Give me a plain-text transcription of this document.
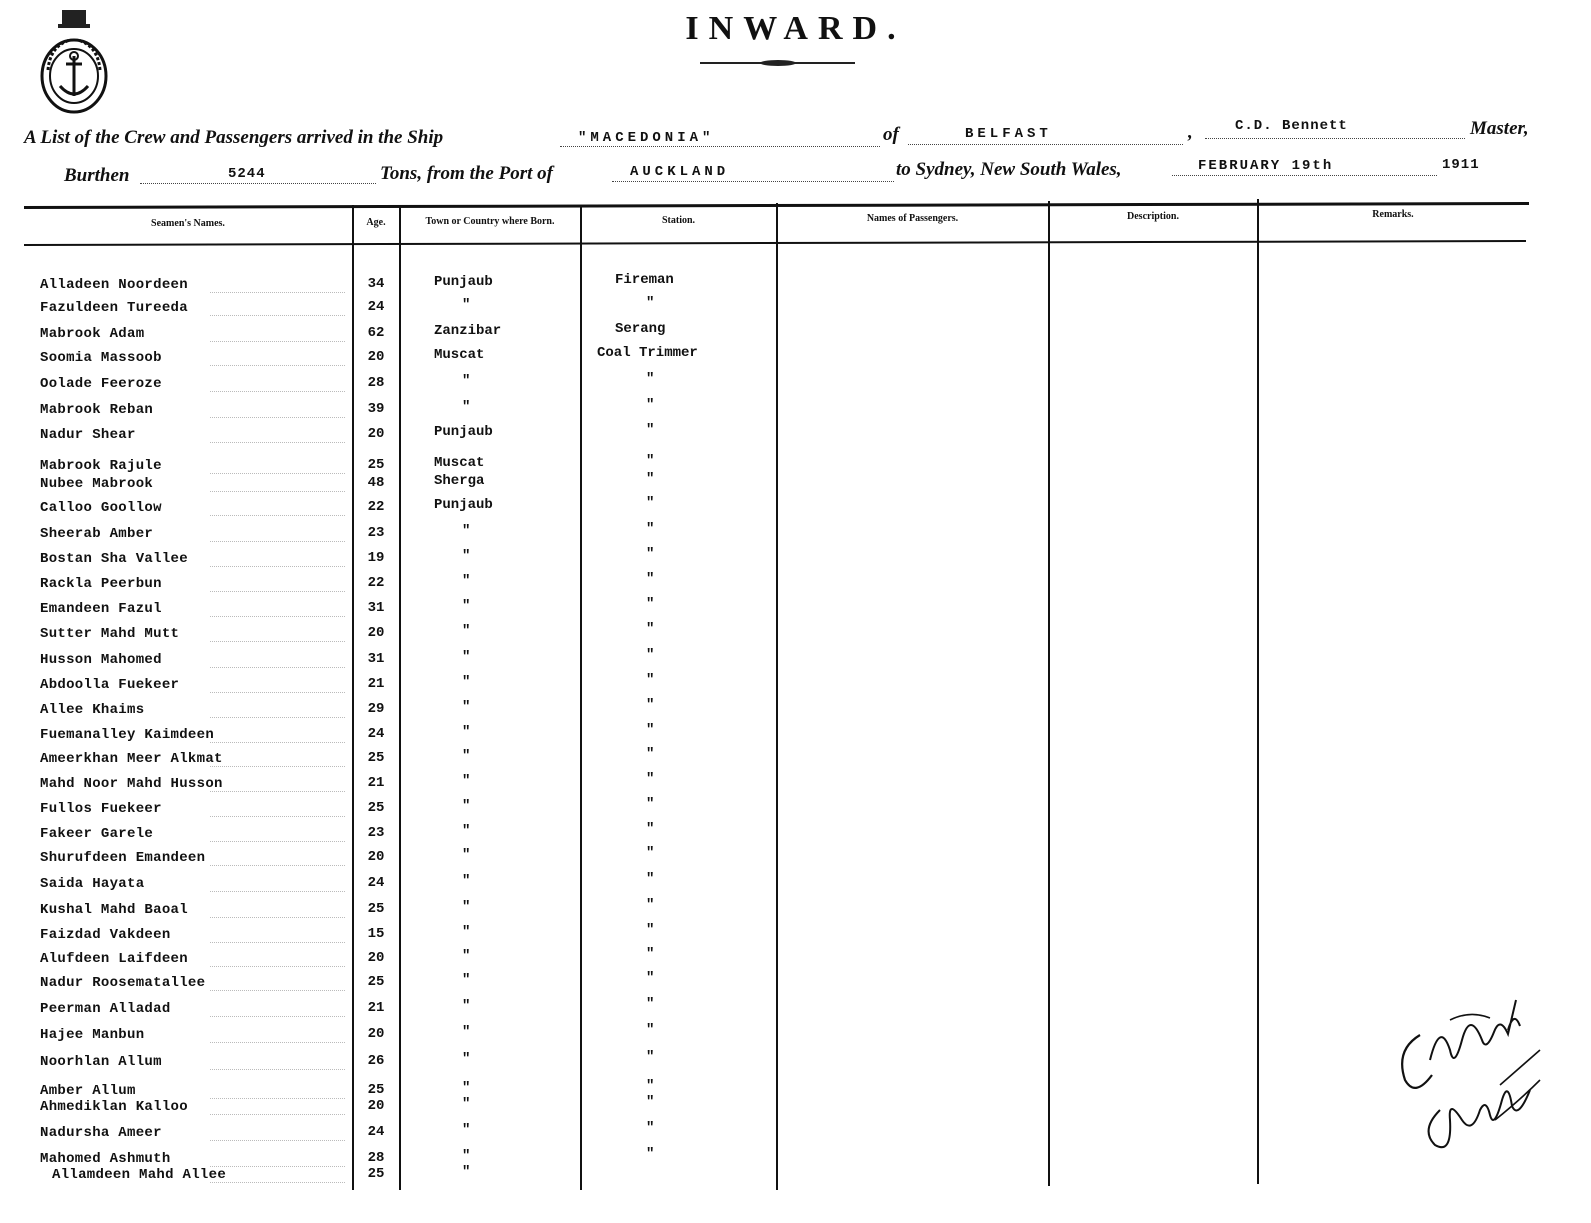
INWARD.
A List of the Crew and Passengers arrived in the Ship	"MACEDONIA"	of	BELFAST	,	C.D. Bennett	Master,
Burthen	5244	Tons, from the Port of	AUCKLAND	to Sydney, New South Wales,	FEBRUARY 19th	1911
Seamen's Names.	Age.	Town or Country where Born.	Station.	Names of Passengers.	Description.	Remarks.
Alladeen Noordeen	34	Punjaub	Fireman
Fazuldeen Tureeda	24	"	"
Mabrook Adam	62	Zanzibar	Serang
Soomia Massoob	20	Muscat	Coal Trimmer
Oolade Feeroze	28	"	"
Mabrook Reban	39	"	"
Nadur Shear	20	Punjaub	"
Mabrook Rajule	25	Muscat	"
Nubee Mabrook	48	Sherga	"
Calloo Goollow	22	Punjaub	"
Sheerab Amber	23	"	"
Bostan Sha Vallee	19	"	"
Rackla Peerbun	22	"	"
Emandeen Fazul	31	"	"
Sutter Mahd Mutt	20	"	"
Husson Mahomed	31	"	"
Abdoolla Fuekeer	21	"	"
Allee Khaims	29	"	"
Fuemanalley Kaimdeen	24	"	"
Ameerkhan Meer Alkmat	25	"	"
Mahd Noor Mahd Husson	21	"	"
Fullos Fuekeer	25	"	"
Fakeer Garele	23	"	"
Shurufdeen Emandeen	20	"	"
Saida Hayata	24	"	"
Kushal Mahd Baoal	25	"	"
Faizdad Vakdeen	15	"	"
Alufdeen Laifdeen	20	"	"
Nadur Roosematallee	25	"	"
Peerman Alladad	21	"	"
Hajee Manbun	20	"	"
Noorhlan Allum	26	"	"
Amber Allum	25	"	"
Ahmediklan Kalloo	20	"	"
Nadursha Ameer	24	"	"
Mahomed Ashmuth	28	"	"
Allamdeen Mahd Allee	25	"
